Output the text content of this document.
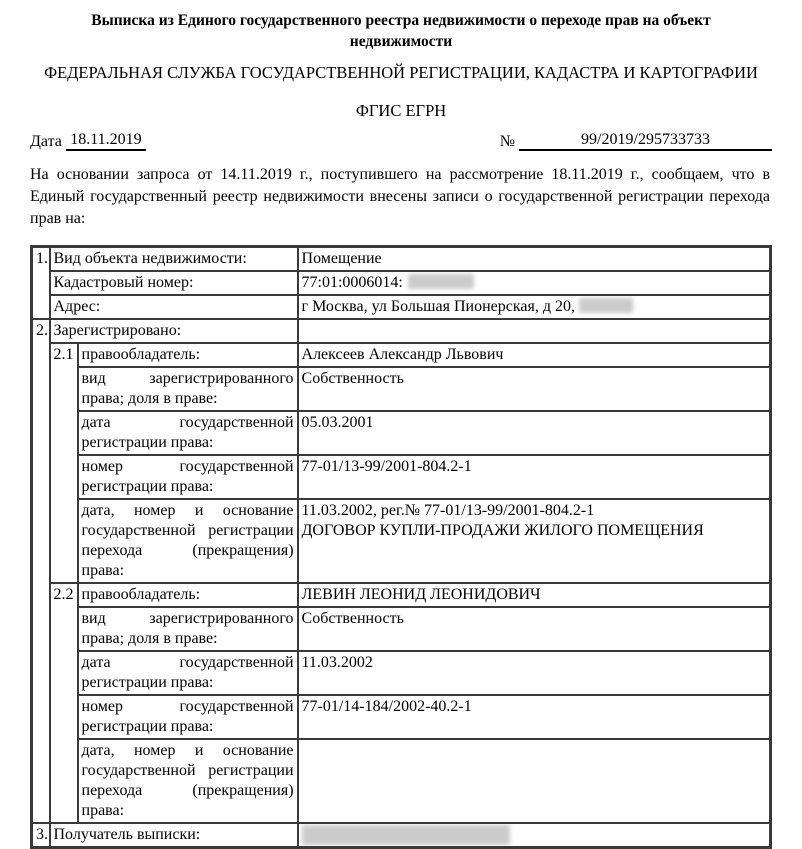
Выписка из Единого государственного реестра недвижимости о переходе прав на объект недвижимости
ФЕДЕРАЛЬНАЯ СЛУЖБА ГОСУДАРСТВЕННОЙ РЕГИСТРАЦИИ, КАДАСТРА И КАРТОГРАФИИ
ФГИС ЕГРН
Дата 18.11.2019	№	99/2019/295733733

На основании запроса от 14.11.2019 г., поступившего на рассмотрение 18.11.2019 г., сообщаем, что в Единый государственный реестр недвижимости внесены записи о государственной регистрации перехода прав на:

1.	Вид объекта недвижимости:		Помещение
	Кадастровый номер:		77:01:0006014:
	Адрес:		г Москва, ул Большая Пионерская, д 20,
2.	Зарегистрировано:		
	2.1	правообладатель:	Алексеев Александр Львович
		вид зарегистрированного права; доля в праве:	Собственность
		дата государственной регистрации права:	05.03.2001
		номер государственной регистрации права:	77-01/13-99/2001-804.2-1
		дата, номер и основание государственной регистрации перехода (прекращения) права:	11.03.2002, рег.№ 77-01/13-99/2001-804.2-1
ДОГОВОР КУПЛИ-ПРОДАЖИ ЖИЛОГО ПОМЕЩЕНИЯ

	2.2	правообладатель:	ЛЕВИН ЛЕОНИД ЛЕОНИДОВИЧ
		вид зарегистрированного права; доля в праве:	Собственность
		дата государственной регистрации права:	11.03.2002
		номер государственной регистрации права:	77-01/14-184/2002-40.2-1
		дата, номер и основание государственной регистрации перехода (прекращения) права:	
3.	Получатель выписки:		
